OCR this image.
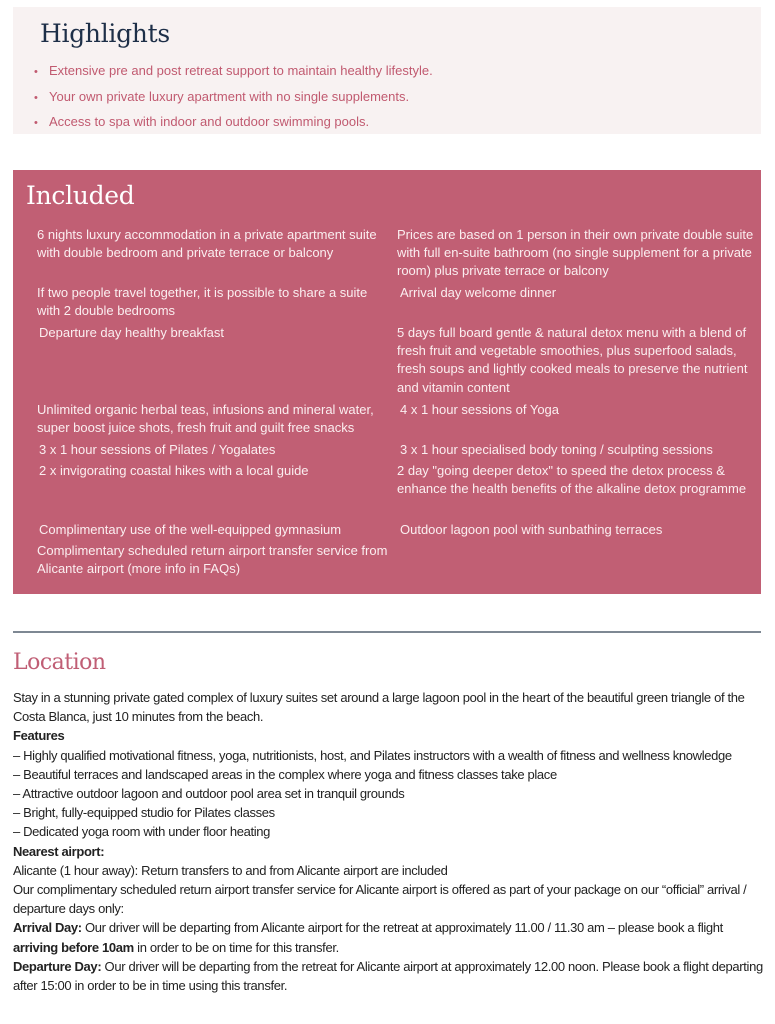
Highlights
• Extensive pre and post retreat support to maintain healthy lifestyle.
• Your own private luxury apartment with no single supplements.
• Access to spa with indoor and outdoor swimming pools.
Included
6 nights luxury accommodation in a private apartment suite with double bedroom and private terrace or balcony
If two people travel together, it is possible to share a suite with 2 double bedrooms
Departure day healthy breakfast
Unlimited organic herbal teas, infusions and mineral water, super boost juice shots, fresh fruit and guilt free snacks
3 x 1 hour sessions of Pilates / Yogalates
2 x invigorating coastal hikes with a local guide
Complimentary use of the well-equipped gymnasium
Complimentary scheduled return airport transfer service from Alicante airport (more info in FAQs)
Prices are based on 1 person in their own private double suite with full en-suite bathroom (no single supplement for a private room) plus private terrace or balcony
Arrival day welcome dinner
5 days full board gentle & natural detox menu with a blend of fresh fruit and vegetable smoothies, plus superfood salads, fresh soups and lightly cooked meals to preserve the nutrient and vitamin content
4 x 1 hour sessions of Yoga
3 x 1 hour specialised body toning / sculpting sessions
2 day "going deeper detox" to speed the detox process & enhance the health benefits of the alkaline detox programme
Outdoor lagoon pool with sunbathing terraces
Location

Stay in a stunning private gated complex of luxury suites set around a large lagoon pool in the heart of the beautiful green triangle of the Costa Blanca, just 10 minutes from the beach.

Features

– Highly qualified motivational fitness, yoga, nutritionists, host, and Pilates instructors with a wealth of fitness and wellness knowledge

– Beautiful terraces and landscaped areas in the complex where yoga and fitness classes take place

– Attractive outdoor lagoon and outdoor pool area set in tranquil grounds

– Bright, fully-equipped studio for Pilates classes

– Dedicated yoga room with under floor heating

Nearest airport:

Alicante (1 hour away): Return transfers to and from Alicante airport are included

Our complimentary scheduled return airport transfer service for Alicante airport is offered as part of your package on our “official” arrival / departure days only:

Arrival Day: Our driver will be departing from Alicante airport for the retreat at approximately 11.00 / 11.30 am – please book a flight arriving before 10am in order to be on time for this transfer.

Departure Day: Our driver will be departing from the retreat for Alicante airport at approximately 12.00 noon. Please book a flight departing after 15:00 in order to be in time using this transfer.
